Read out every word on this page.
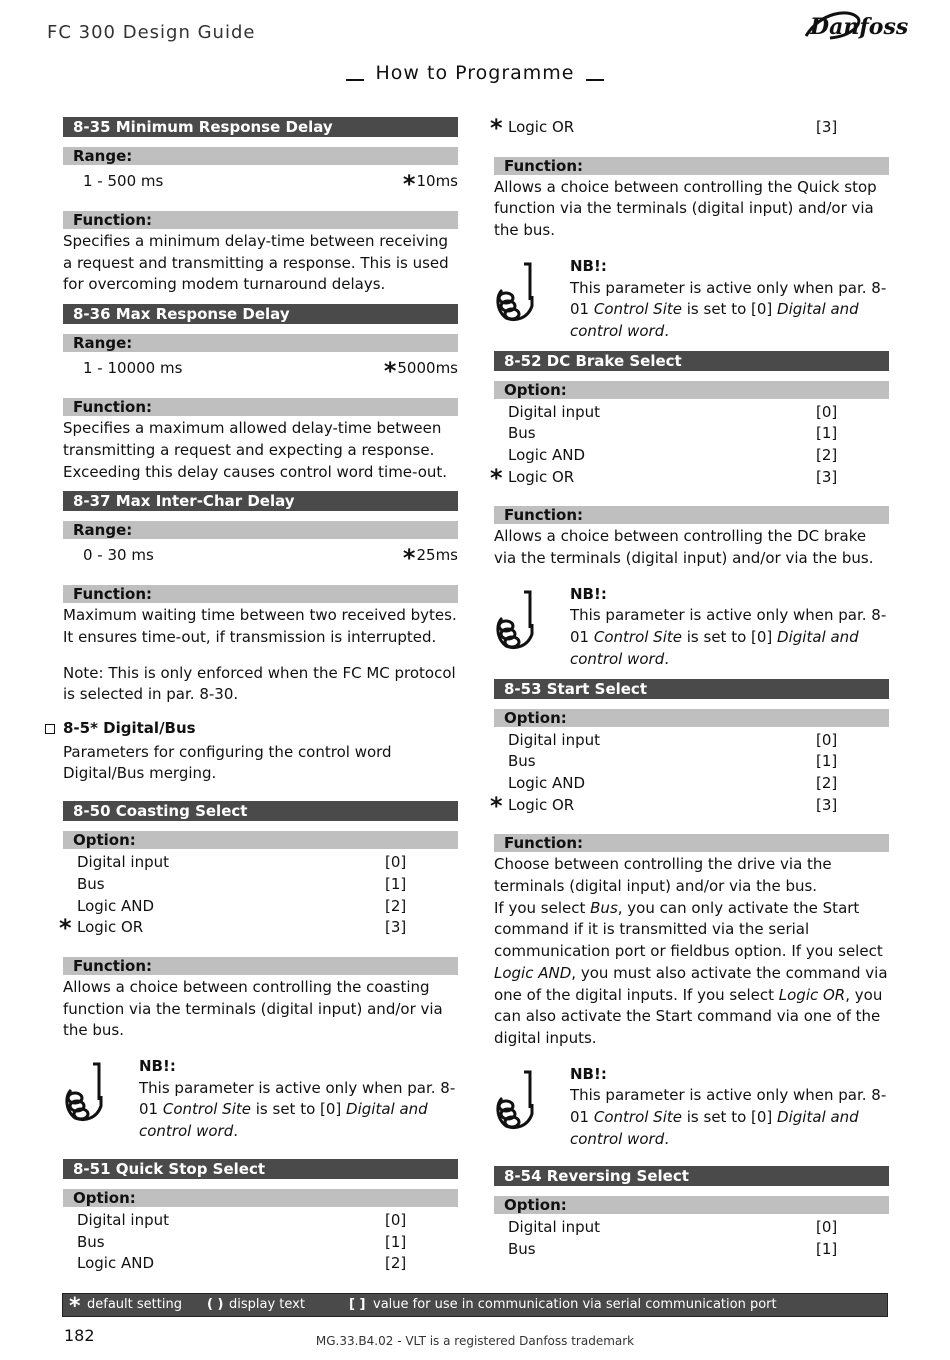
FC 300 Design Guide	Danfoss
How to Programme
8-35 Minimum Response Delay
Range:
1 - 500 ms	*10ms
Function:
Specifies a minimum delay-time between receiving a request and transmitting a response. This is used for overcoming modem turnaround delays.
8-36 Max Response Delay
Range:
1 - 10000 ms	*5000ms
Function:
Specifies a maximum allowed delay-time between transmitting a request and expecting a response. Exceeding this delay causes control word time-out.
8-37 Max Inter-Char Delay
Range:
0 - 30 ms	*25ms
Function:
Maximum waiting time between two received bytes. It ensures time-out, if transmission is interrupted.
Note: This is only enforced when the FC MC protocol is selected in par. 8-30.
8-5* Digital/Bus
Parameters for configuring the control word Digital/Bus merging.
8-50 Coasting Select
Option:
Digital input	[0]
Bus	[1]
Logic AND	[2]
* Logic OR	[3]
Function:
Allows a choice between controlling the coasting function via the terminals (digital input) and/or via the bus.
NB!:
This parameter is active only when par. 8-01 Control Site is set to [0] Digital and control word.
8-51 Quick Stop Select
Option:
Digital input	[0]
Bus	[1]
Logic AND	[2]
* Logic OR	[3]
Function:
Allows a choice between controlling the Quick stop function via the terminals (digital input) and/or via the bus.
NB!:
This parameter is active only when par. 8-01 Control Site is set to [0] Digital and control word.
8-52 DC Brake Select
Option:
Digital input	[0]
Bus	[1]
Logic AND	[2]
* Logic OR	[3]
Function:
Allows a choice between controlling the DC brake via the terminals (digital input) and/or via the bus.
NB!:
This parameter is active only when par. 8-01 Control Site is set to [0] Digital and control word.
8-53 Start Select
Option:
Digital input	[0]
Bus	[1]
Logic AND	[2]
* Logic OR	[3]
Function:
Choose between controlling the drive via the terminals (digital input) and/or via the bus.
If you select Bus, you can only activate the Start command if it is transmitted via the serial communication port or fieldbus option. If you select Logic AND, you must also activate the command via one of the digital inputs. If you select Logic OR, you can also activate the Start command via one of the digital inputs.
NB!:
This parameter is active only when par. 8-01 Control Site is set to [0] Digital and control word.
8-54 Reversing Select
Option:
Digital input	[0]
Bus	[1]
* default setting ( ) display text	[ ] value for use in communication via serial communication port
182	MG.33.B4.02 - VLT is a registered Danfoss trademark
